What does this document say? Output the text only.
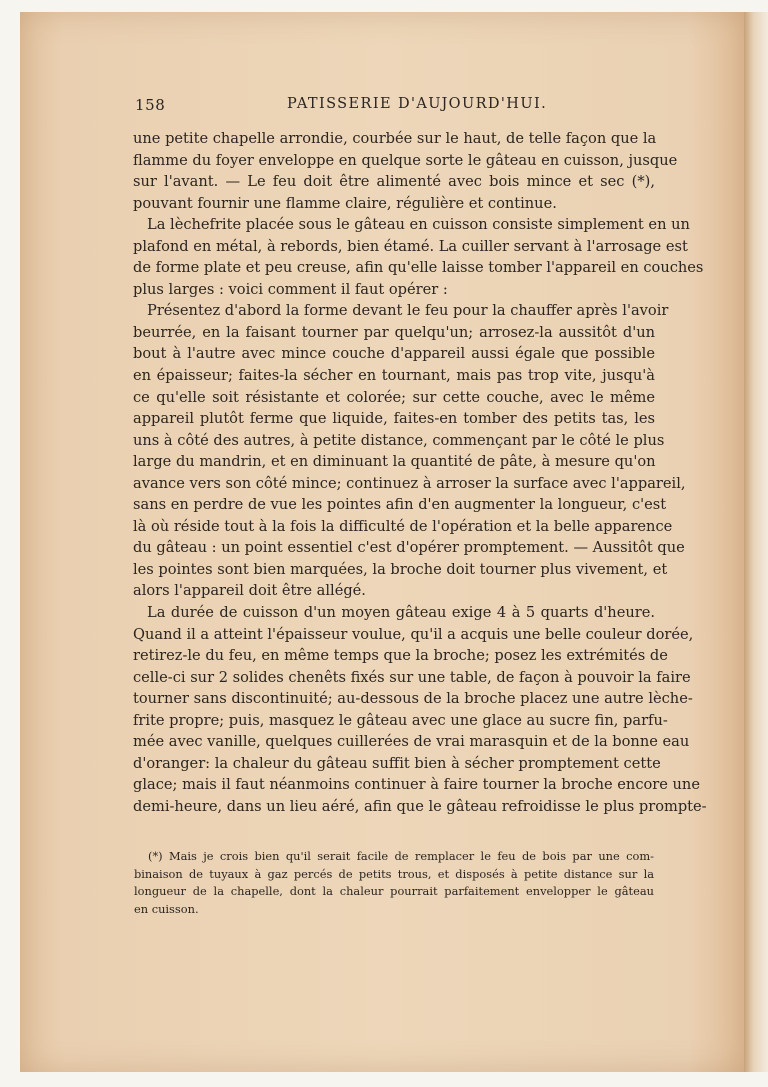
158	PATISSERIE D'AUJOURD'HUI.
une petite chapelle arrondie, courbée sur le haut, de telle façon que la
flamme du foyer enveloppe en quelque sorte le gâteau en cuisson, jusque
sur l'avant. — Le feu doit être alimenté avec bois mince et sec (*),
pouvant fournir une flamme claire, régulière et continue.
La lèchefrite placée sous le gâteau en cuisson consiste simplement en un
plafond en métal, à rebords, bien étamé. La cuiller servant à l'arrosage est
de forme plate et peu creuse, afin qu'elle laisse tomber l'appareil en couches
plus larges : voici comment il faut opérer :
Présentez d'abord la forme devant le feu pour la chauffer après l'avoir
beurrée, en la faisant tourner par quelqu'un; arrosez-la aussitôt d'un
bout à l'autre avec mince couche d'appareil aussi égale que possible
en épaisseur; faites-la sécher en tournant, mais pas trop vite, jusqu'à
ce qu'elle soit résistante et colorée; sur cette couche, avec le même
appareil plutôt ferme que liquide, faites-en tomber des petits tas, les
uns à côté des autres, à petite distance, commençant par le côté le plus
large du mandrin, et en diminuant la quantité de pâte, à mesure qu'on
avance vers son côté mince; continuez à arroser la surface avec l'appareil,
sans en perdre de vue les pointes afin d'en augmenter la longueur, c'est
là où réside tout à la fois la difficulté de l'opération et la belle apparence
du gâteau : un point essentiel c'est d'opérer promptement. — Aussitôt que
les pointes sont bien marquées, la broche doit tourner plus vivement, et
alors l'appareil doit être allégé.
La durée de cuisson d'un moyen gâteau exige 4 à 5 quarts d'heure.
Quand il a atteint l'épaisseur voulue, qu'il a acquis une belle couleur dorée,
retirez-le du feu, en même temps que la broche; posez les extrémités de
celle-ci sur 2 solides chenêts fixés sur une table, de façon à pouvoir la faire
tourner sans discontinuité; au-dessous de la broche placez une autre lèche-
frite propre; puis, masquez le gâteau avec une glace au sucre fin, parfu-
mée avec vanille, quelques cuillerées de vrai marasquin et de la bonne eau
d'oranger: la chaleur du gâteau suffit bien à sécher promptement cette
glace; mais il faut néanmoins continuer à faire tourner la broche encore une
demi-heure, dans un lieu aéré, afin que le gâteau refroidisse le plus prompte-
(*) Mais je crois bien qu'il serait facile de remplacer le feu de bois par une com-
binaison de tuyaux à gaz percés de petits trous, et disposés à petite distance sur la
longueur de la chapelle, dont la chaleur pourrait parfaitement envelopper le gâteau
en cuisson.
